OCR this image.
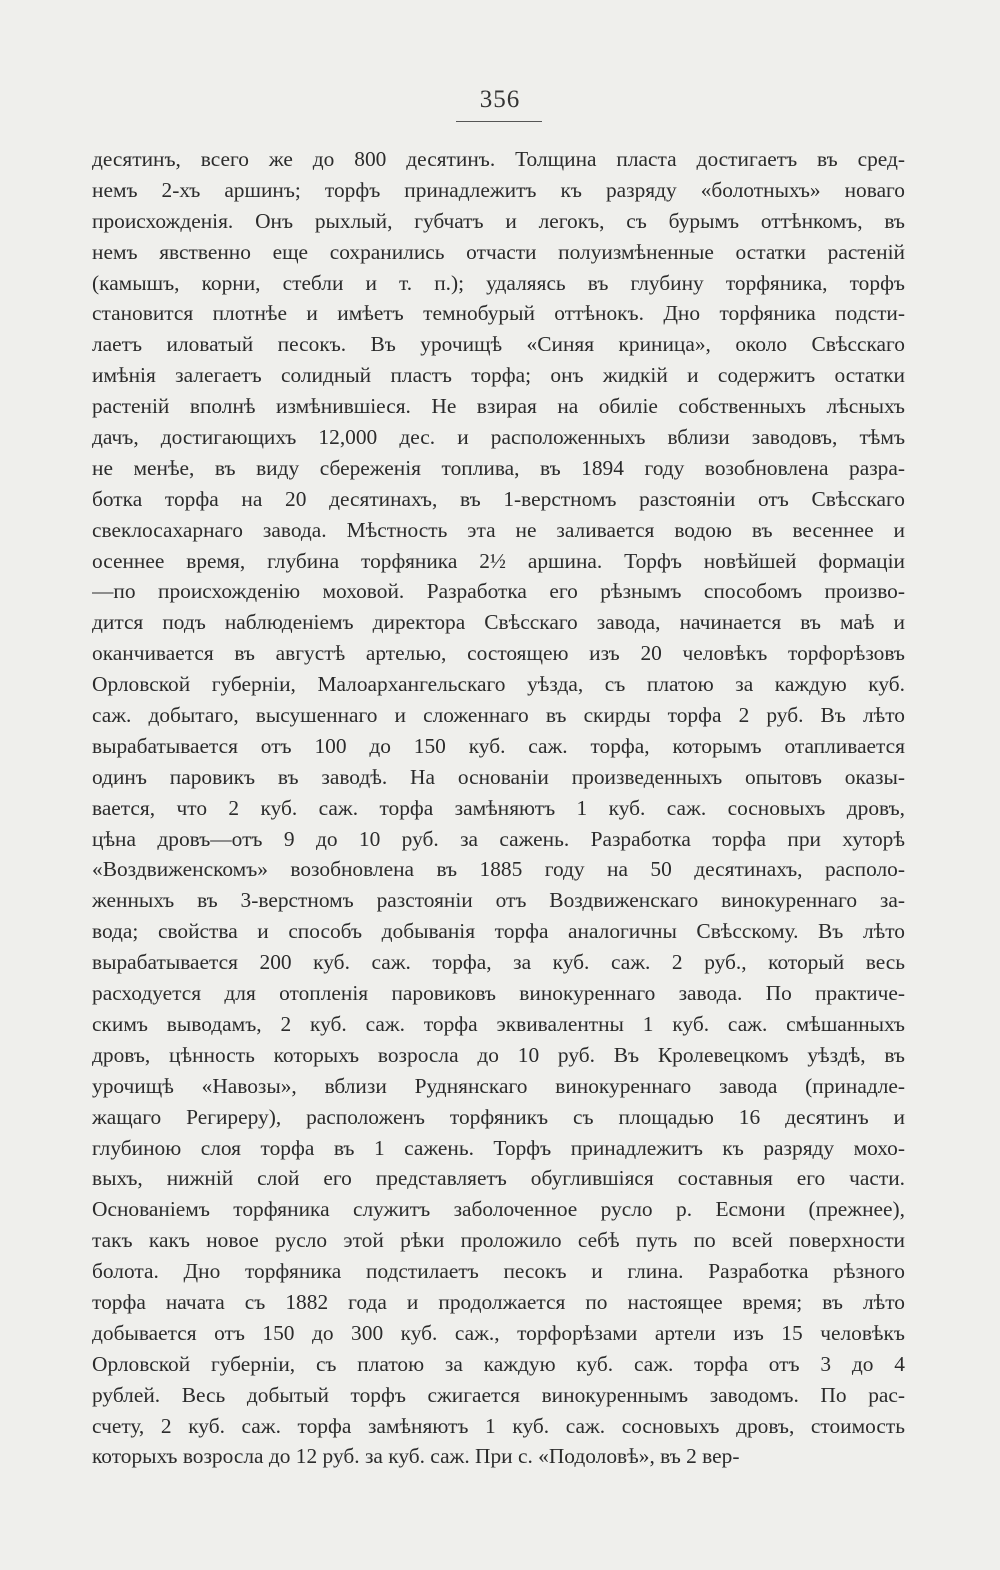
356
десятинъ, всего же до 800 десятинъ. Толщина пласта достигаетъ въ сред-
немъ 2-хъ аршинъ; торфъ принадлежитъ къ разряду «болотныхъ» новаго
происхожденія. Онъ рыхлый, губчатъ и легокъ, съ бурымъ оттѣнкомъ, въ
немъ явственно еще сохранились отчасти полуизмѣненные остатки растеній
(камышъ, корни, стебли и т. п.); удаляясь въ глубину торфяника, торфъ
становится плотнѣе и имѣетъ темнобурый оттѣнокъ. Дно торфяника подсти-
лаетъ иловатый песокъ. Въ урочищѣ «Синяя криница», около Свѣсскаго
имѣнія залегаетъ солидный пластъ торфа; онъ жидкій и содержитъ остатки
растеній вполнѣ измѣнившiеся. Не взирая на обиліе собственныхъ лѣсныхъ
дачъ, достигающихъ 12,000 дес. и расположенныхъ вблизи заводовъ, тѣмъ
не менѣе, въ виду сбереженія топлива, въ 1894 году возобновлена разра-
ботка торфа на 20 десятинахъ, въ 1-верстномъ разстояніи отъ Свѣсскаго
свеклосахарнаго завода. Мѣстность эта не заливается водою въ весеннее и
осеннее время, глубина торфяника 2½ аршина. Торфъ новѣйшей формаціи
—по происхожденію моховой. Разработка его рѣзнымъ способомъ произво-
дится подъ наблюденіемъ директора Свѣсскаго завода, начинается въ маѣ и
оканчивается въ августѣ артелью, состоящею изъ 20 человѣкъ торфорѣзовъ
Орловской губерніи, Малоархангельскаго уѣзда, съ платою за каждую куб.
саж. добытаго, высушеннаго и сложеннаго въ скирды торфа 2 руб. Въ лѣто
вырабатывается отъ 100 до 150 куб. саж. торфа, которымъ отапливается
одинъ паровикъ въ заводѣ. На основаніи произведенныхъ опытовъ оказы-
вается, что 2 куб. саж. торфа замѣняютъ 1 куб. саж. сосновыхъ дровъ,
цѣна дровъ—отъ 9 до 10 руб. за сажень. Разработка торфа при хуторѣ
«Воздвиженскомъ» возобновлена въ 1885 году на 50 десятинахъ, располо-
женныхъ въ 3-верстномъ разстояніи отъ Воздвиженскаго винокуреннаго за-
вода; свойства и способъ добыванія торфа аналогичны Свѣсскому. Въ лѣто
вырабатывается 200 куб. саж. торфа, за куб. саж. 2 руб., который весь
расходуется для отопленія паровиковъ винокуреннаго завода. По практиче-
скимъ выводамъ, 2 куб. саж. торфа эквивалентны 1 куб. саж. смѣшанныхъ
дровъ, цѣнность которыхъ возросла до 10 руб. Въ Кролевецкомъ уѣздѣ, въ
урочищѣ «Навозы», вблизи Руднянскаго винокуреннаго завода (принадле-
жащаго Региреру), расположенъ торфяникъ съ площадью 16 десятинъ и
глубиною слоя торфа въ 1 сажень. Торфъ принадлежитъ къ разряду мохо-
выхъ, нижній слой его представляетъ обуглившіяся составныя его части.
Основаніемъ торфяника служитъ заболоченное русло р. Есмони (прежнее),
такъ какъ новое русло этой рѣки проложило себѣ путь по всей поверхности
болота. Дно торфяника подстилаетъ песокъ и глина. Разработка рѣзного
торфа начата съ 1882 года и продолжается по настоящее время; въ лѣто
добывается отъ 150 до 300 куб. саж., торфорѣзами артели изъ 15 человѣкъ
Орловской губерніи, съ платою за каждую куб. саж. торфа отъ 3 до 4
рублей. Весь добытый торфъ сжигается винокуреннымъ заводомъ. По рас-
счету, 2 куб. саж. торфа замѣняютъ 1 куб. саж. сосновыхъ дровъ, стоимость
которыхъ возросла до 12 руб. за куб. саж. При с. «Подоловѣ», въ 2 вер-
